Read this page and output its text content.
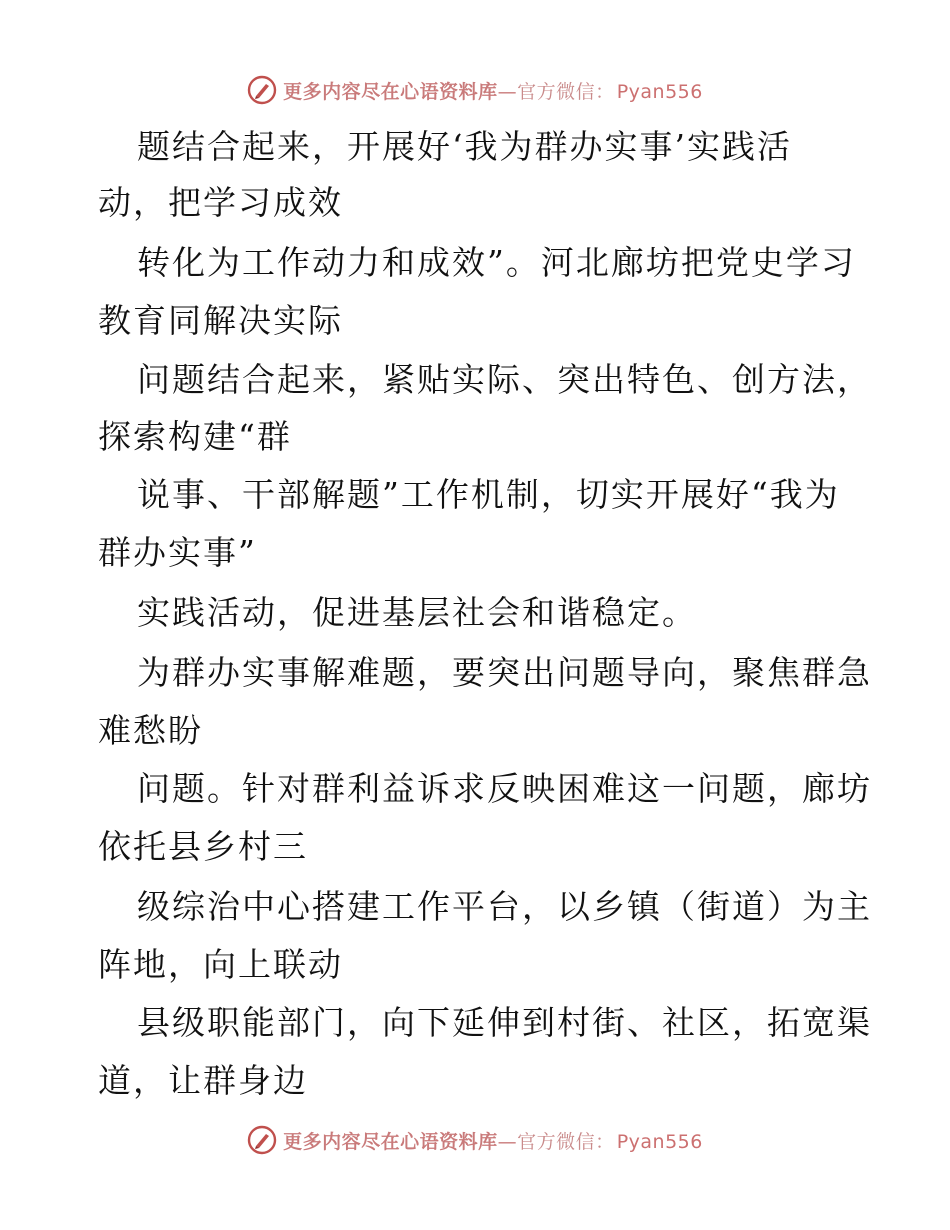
更多内容尽在心语资料库—官方微信： Pyan556
题结合起来，开展好‘我为群办实事’实践活
动，把学习成效
转化为工作动力和成效”。河北廊坊把党史学习
教育同解决实际
问题结合起来，紧贴实际、突出特色、创方法，
探索构建“群
说事、干部解题”工作机制，切实开展好“我为
群办实事”
实践活动，促进基层社会和谐稳定。
为群办实事解难题，要突出问题导向，聚焦群急
难愁盼
问题。针对群利益诉求反映困难这一问题，廊坊
依托县乡村三
级综治中心搭建工作平台，以乡镇（街道）为主
阵地，向上联动
县级职能部门，向下延伸到村街、社区，拓宽渠
道，让群身边
更多内容尽在心语资料库—官方微信： Pyan556
